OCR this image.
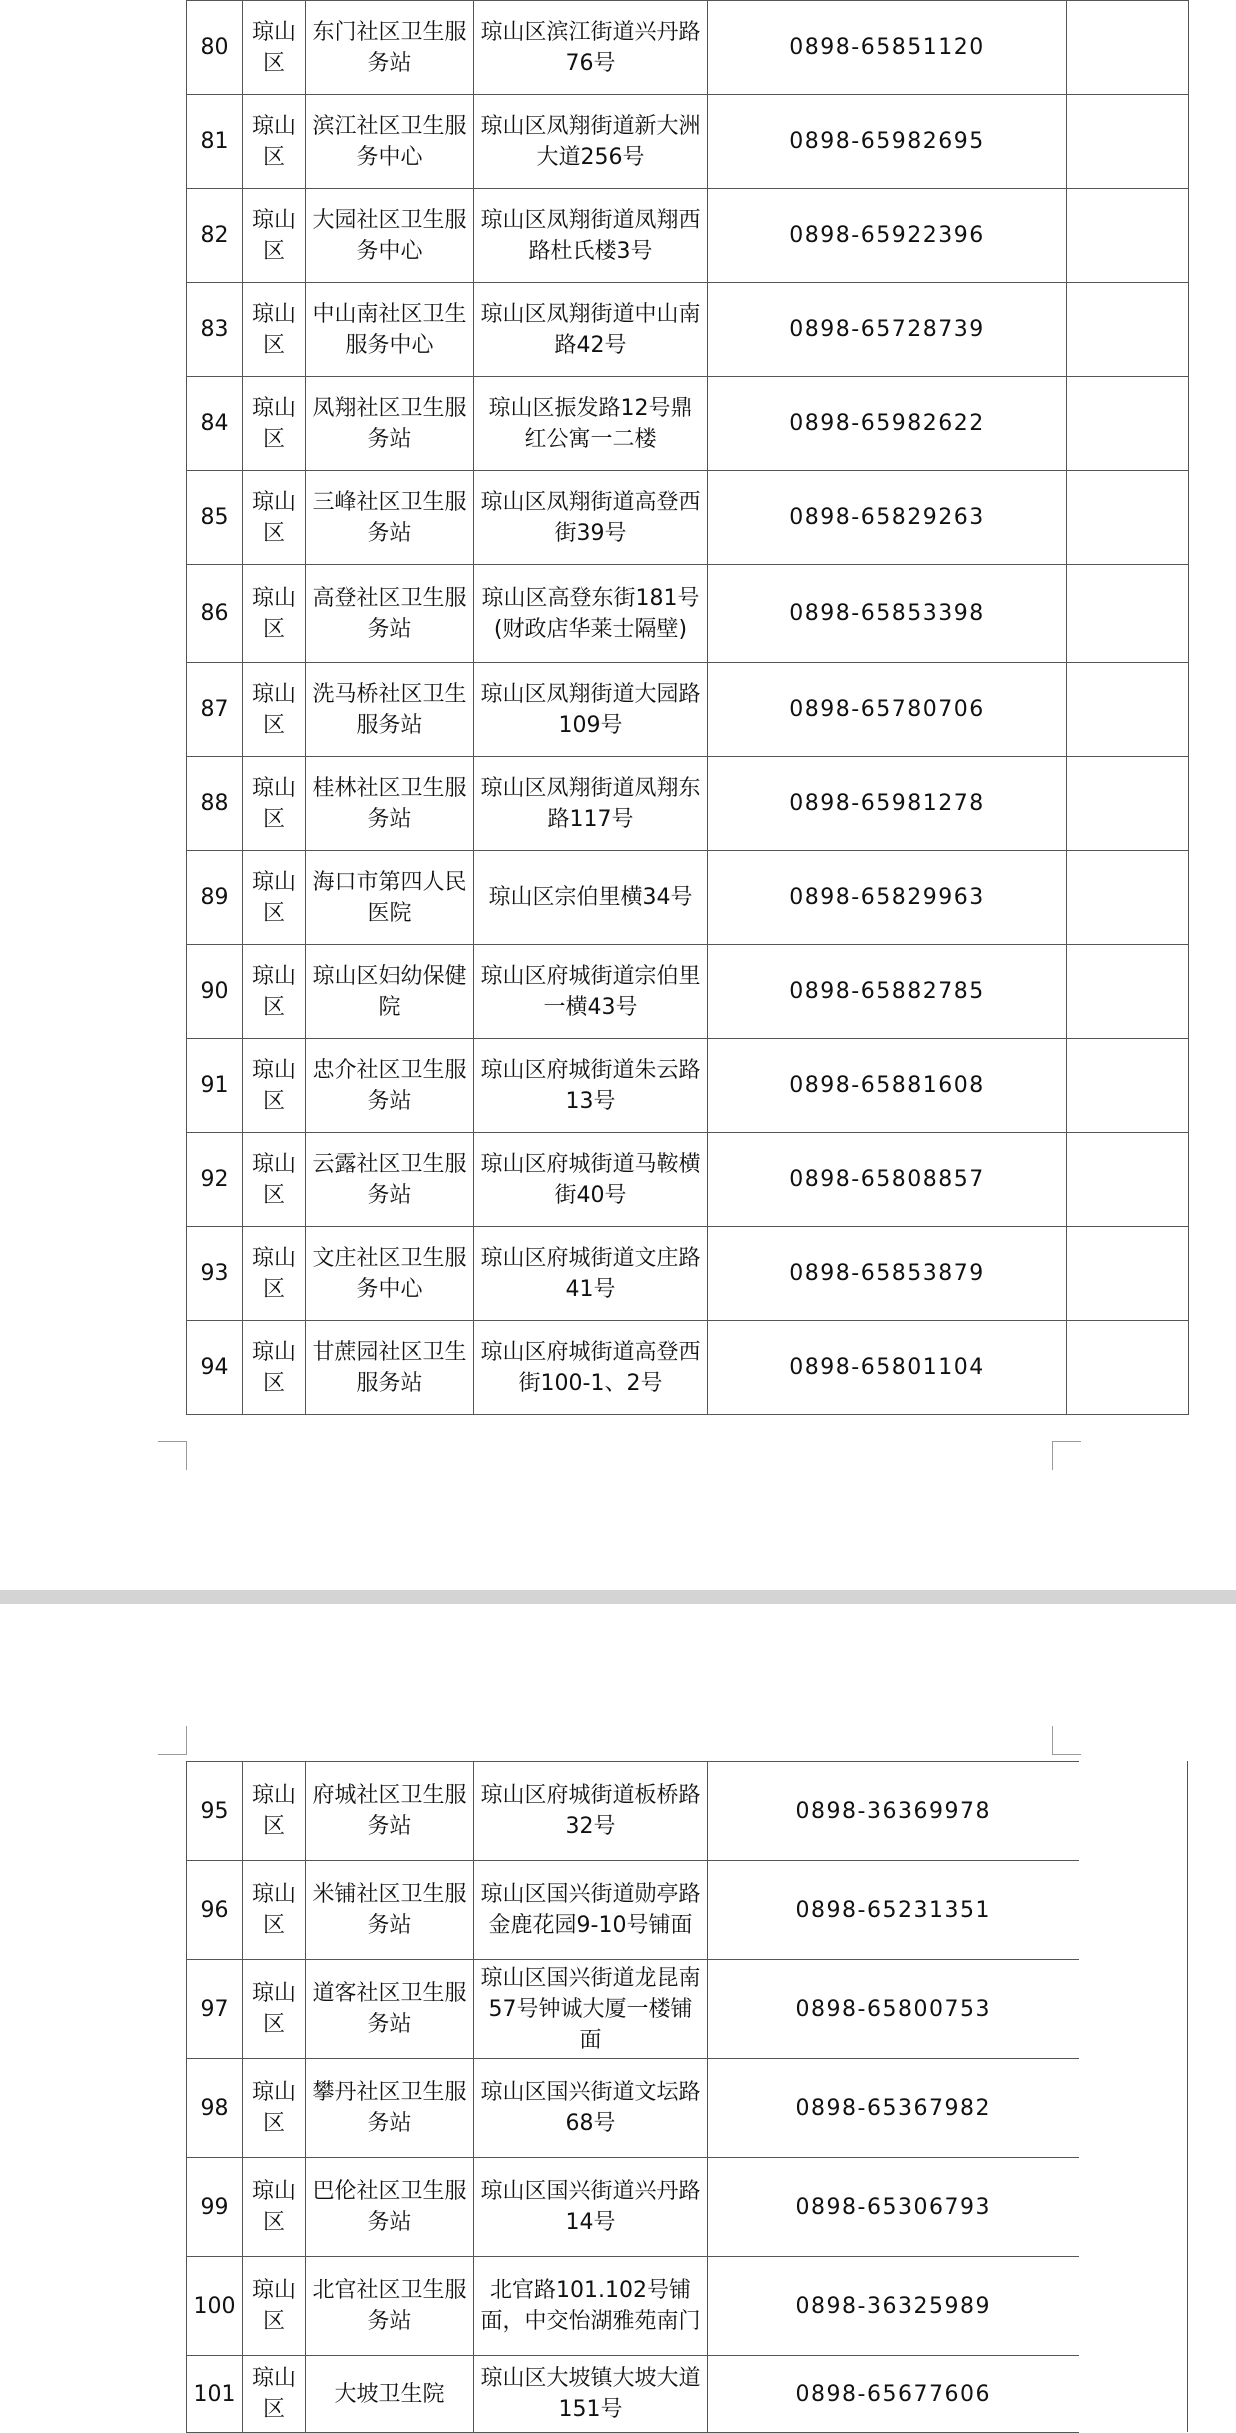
80	琼山区	东门社区卫生服务站	琼山区滨江街道兴丹路76号	0898-65851120	
81	琼山区	滨江社区卫生服务中心	琼山区凤翔街道新大洲大道256号	0898-65982695	
82	琼山区	大园社区卫生服务中心	琼山区凤翔街道凤翔西路杜氏楼3号	0898-65922396	
83	琼山区	中山南社区卫生服务中心	琼山区凤翔街道中山南路42号	0898-65728739	
84	琼山区	凤翔社区卫生服务站	琼山区振发路12号鼎红公寓一二楼	0898-65982622	
85	琼山区	三峰社区卫生服务站	琼山区凤翔街道高登西街39号	0898-65829263	
86	琼山区	高登社区卫生服务站	琼山区高登东街181号(财政店华莱士隔壁)	0898-65853398	
87	琼山区	洗马桥社区卫生服务站	琼山区凤翔街道大园路109号	0898-65780706	
88	琼山区	桂林社区卫生服务站	琼山区凤翔街道凤翔东路117号	0898-65981278	
89	琼山区	海口市第四人民医院	琼山区宗伯里横34号	0898-65829963	
90	琼山区	琼山区妇幼保健院	琼山区府城街道宗伯里一横43号	0898-65882785	
91	琼山区	忠介社区卫生服务站	琼山区府城街道朱云路13号	0898-65881608	
92	琼山区	云露社区卫生服务站	琼山区府城街道马鞍横街40号	0898-65808857	
93	琼山区	文庄社区卫生服务中心	琼山区府城街道文庄路41号	0898-65853879	
94	琼山区	甘蔗园社区卫生服务站	琼山区府城街道高登西街100-1、2号	0898-65801104	
95	琼山区	府城社区卫生服务站	琼山区府城街道板桥路32号	0898-36369978
96	琼山区	米铺社区卫生服务站	琼山区国兴街道勋亭路金鹿花园9-10号铺面	0898-65231351
97	琼山区	道客社区卫生服务站	琼山区国兴街道龙昆南57号钟诚大厦一楼铺面	0898-65800753
98	琼山区	攀丹社区卫生服务站	琼山区国兴街道文坛路68号	0898-65367982
99	琼山区	巴伦社区卫生服务站	琼山区国兴街道兴丹路14号	0898-65306793
100	琼山区	北官社区卫生服务站	北官路101.102号铺面，中交怡湖雅苑南门	0898-36325989
101	琼山区	大坡卫生院	琼山区大坡镇大坡大道151号	0898-65677606
